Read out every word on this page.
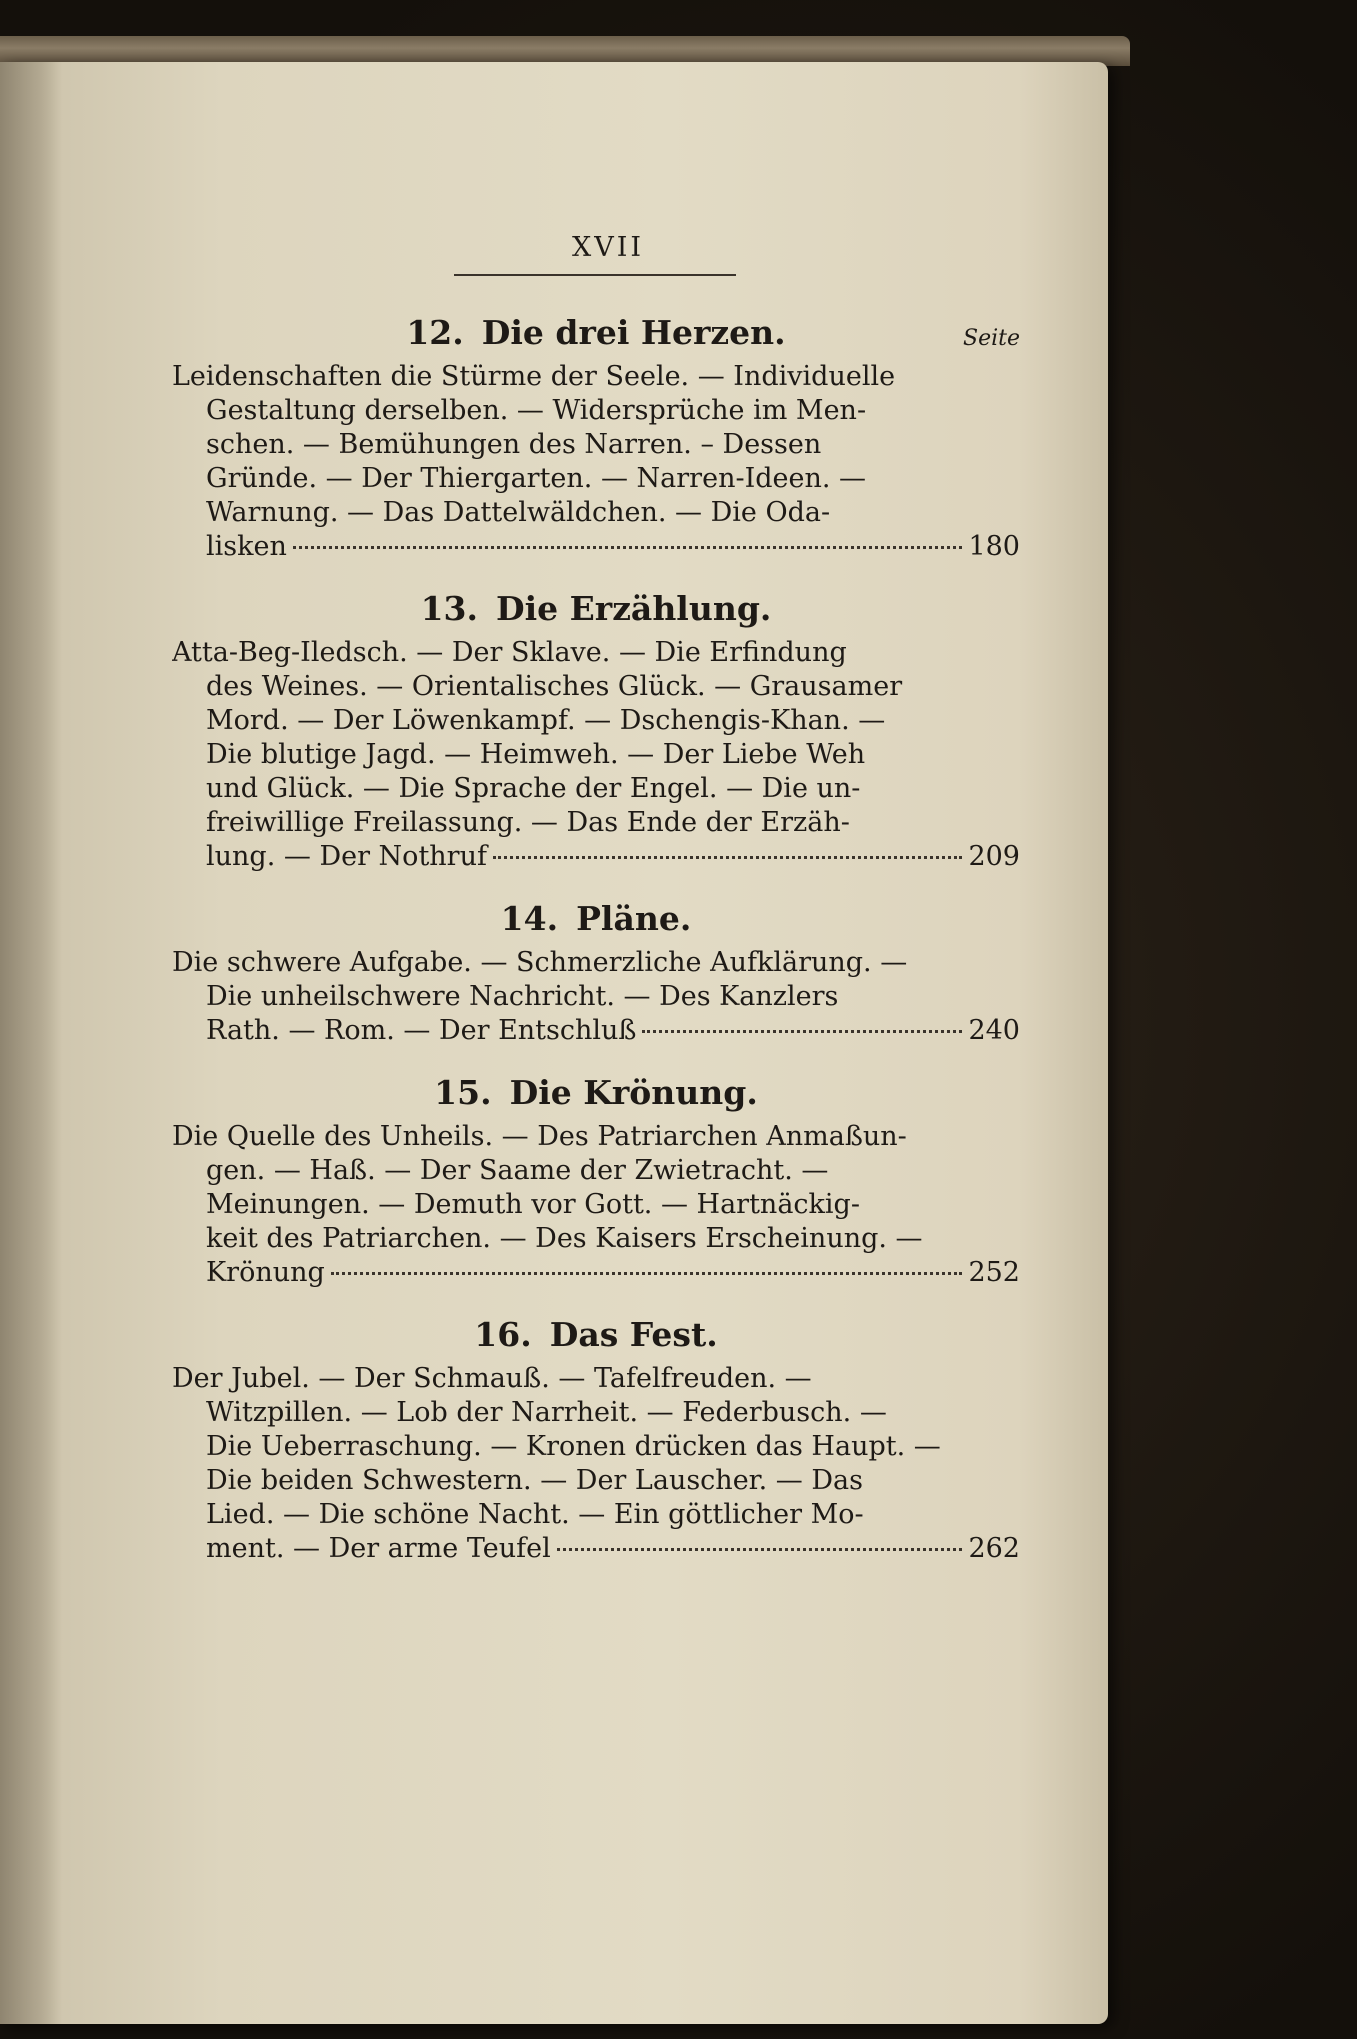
XVII
Seite
12. Die drei Herzen.
Leidenschaften die Stürme der Seele. — Individuelle
Gestaltung derselben. — Widersprüche im Men-
schen. — Bemühungen des Narren. – Dessen
Gründe. — Der Thiergarten. — Narren-Ideen. —
Warnung. — Das Dattelwäldchen. — Die Oda-
lisken	180
13. Die Erzählung.
Atta-Beg-Iledsch. — Der Sklave. — Die Erfindung
des Weines. — Orientalisches Glück. — Grausamer
Mord. — Der Löwenkampf. — Dschengis-Khan. —
Die blutige Jagd. — Heimweh. — Der Liebe Weh
und Glück. — Die Sprache der Engel. — Die un-
freiwillige Freilassung. — Das Ende der Erzäh-
lung. — Der Nothruf	209
14. Pläne.
Die schwere Aufgabe. — Schmerzliche Aufklärung. —
Die unheilschwere Nachricht. — Des Kanzlers
Rath. — Rom. — Der Entschluß	240
15. Die Krönung.
Die Quelle des Unheils. — Des Patriarchen Anmaßun-
gen. — Haß. — Der Saame der Zwietracht. —
Meinungen. — Demuth vor Gott. — Hartnäckig-
keit des Patriarchen. — Des Kaisers Erscheinung. —
Krönung	252
16. Das Fest.
Der Jubel. — Der Schmauß. — Tafelfreuden. —
Witzpillen. — Lob der Narrheit. — Federbusch. —
Die Ueberraschung. — Kronen drücken das Haupt. —
Die beiden Schwestern. — Der Lauscher. — Das
Lied. — Die schöne Nacht. — Ein göttlicher Mo-
ment. — Der arme Teufel	262
